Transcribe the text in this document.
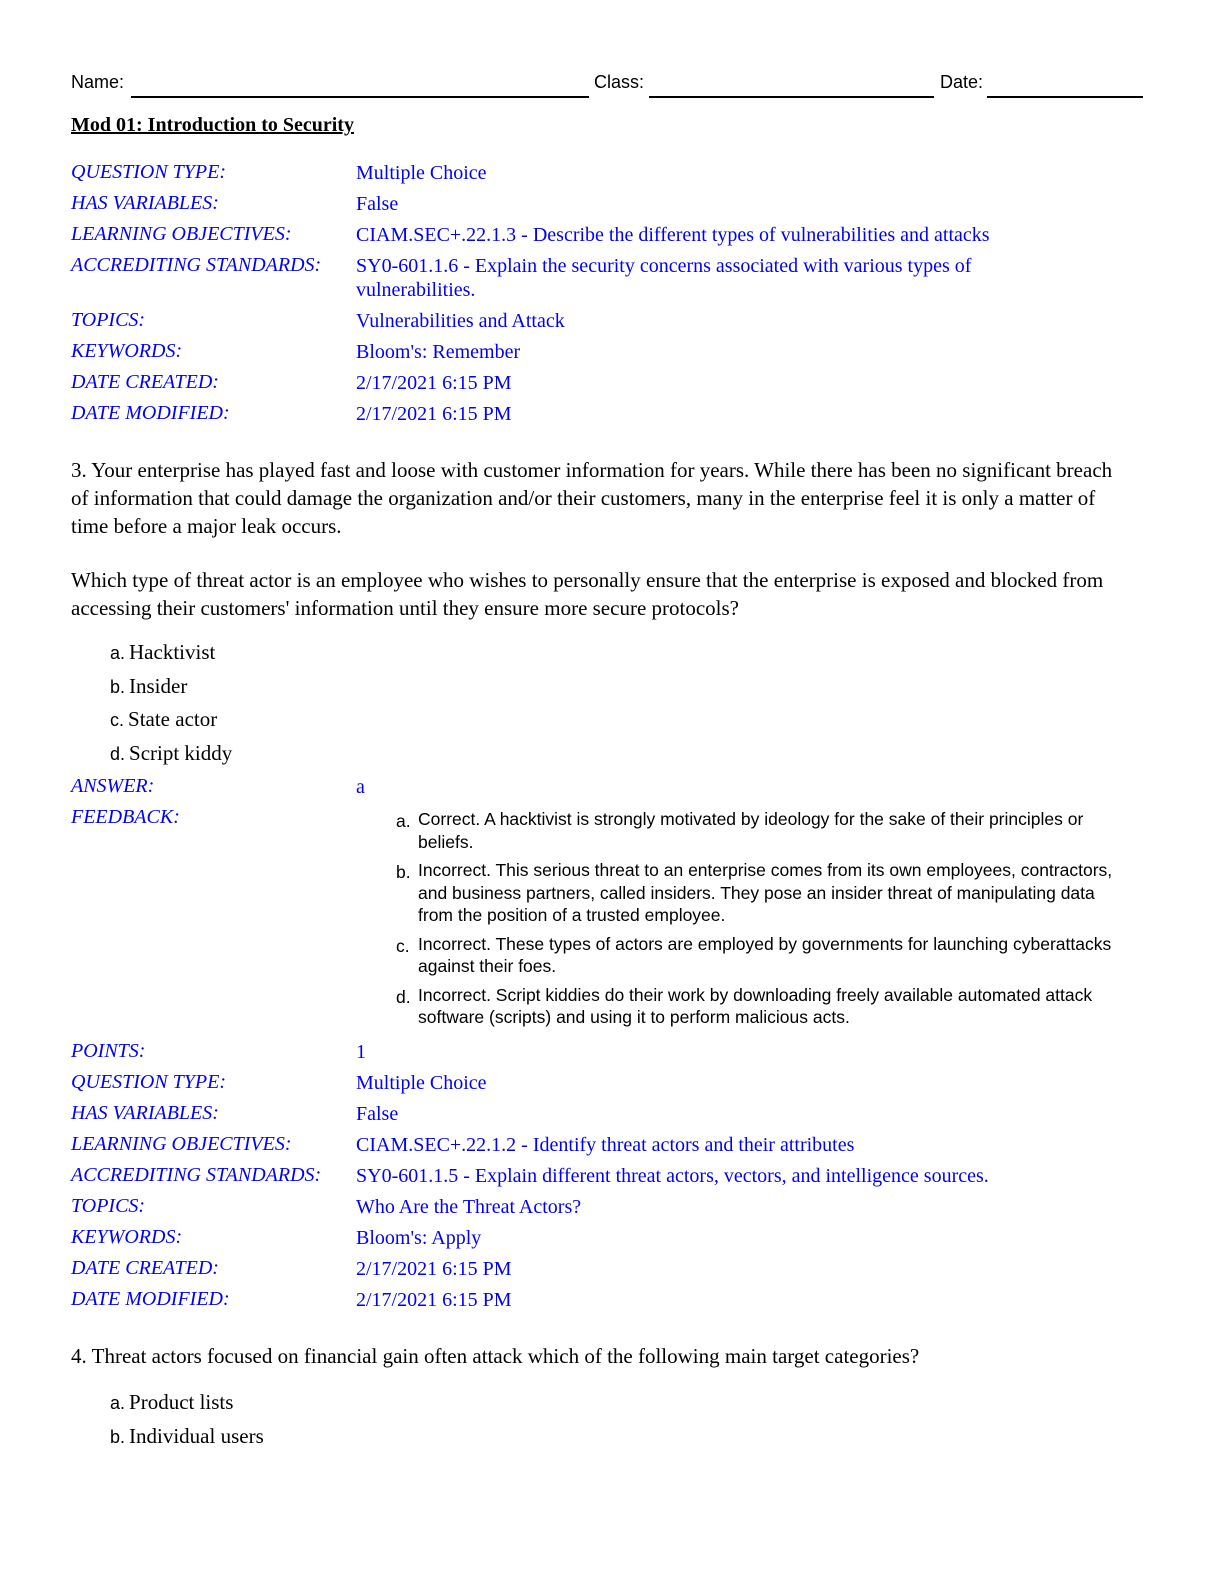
Name:	Class:	Date:
Mod 01: Introduction to Security
QUESTION TYPE:	Multiple Choice
HAS VARIABLES:	False
LEARNING OBJECTIVES:	CIAM.SEC+.22.1.3 - Describe the different types of vulnerabilities and attacks
ACCREDITING STANDARDS: SY0-601.1.6 - Explain the security concerns associated with various types of vulnerabilities.
TOPICS:	Vulnerabilities and Attack
KEYWORDS:	Bloom's: Remember
DATE CREATED:	2/17/2021 6:15 PM
DATE MODIFIED:	2/17/2021 6:15 PM

3. Your enterprise has played fast and loose with customer information for years. While there has been no significant breach of information that could damage the organization and/or their customers, many in the enterprise feel it is only a matter of time before a major leak occurs.

Which type of threat actor is an employee who wishes to personally ensure that the enterprise is exposed and blocked from accessing their customers' information until they ensure more secure protocols?

a. Hacktivist
b. Insider
c. State actor
d. Script kiddy
ANSWER:	a
FEEDBACK:	a. Correct. A hacktivist is strongly motivated by ideology for the sake of their principles or beliefs.
b. Incorrect. This serious threat to an enterprise comes from its own employees, contractors, and business partners, called insiders. They pose an insider threat of manipulating data from the position of a trusted employee.
c. Incorrect. These types of actors are employed by governments for launching cyberattacks against their foes.
d. Incorrect. Script kiddies do their work by downloading freely available automated attack software (scripts) and using it to perform malicious acts.
POINTS:	1
QUESTION TYPE:	Multiple Choice
HAS VARIABLES:	False
LEARNING OBJECTIVES:	CIAM.SEC+.22.1.2 - Identify threat actors and their attributes
ACCREDITING STANDARDS: SY0-601.1.5 - Explain different threat actors, vectors, and intelligence sources.
TOPICS:	Who Are the Threat Actors?
KEYWORDS:	Bloom's: Apply
DATE CREATED:	2/17/2021 6:15 PM
DATE MODIFIED:	2/17/2021 6:15 PM

4. Threat actors focused on financial gain often attack which of the following main target categories?

a. Product lists
b. Individual users
